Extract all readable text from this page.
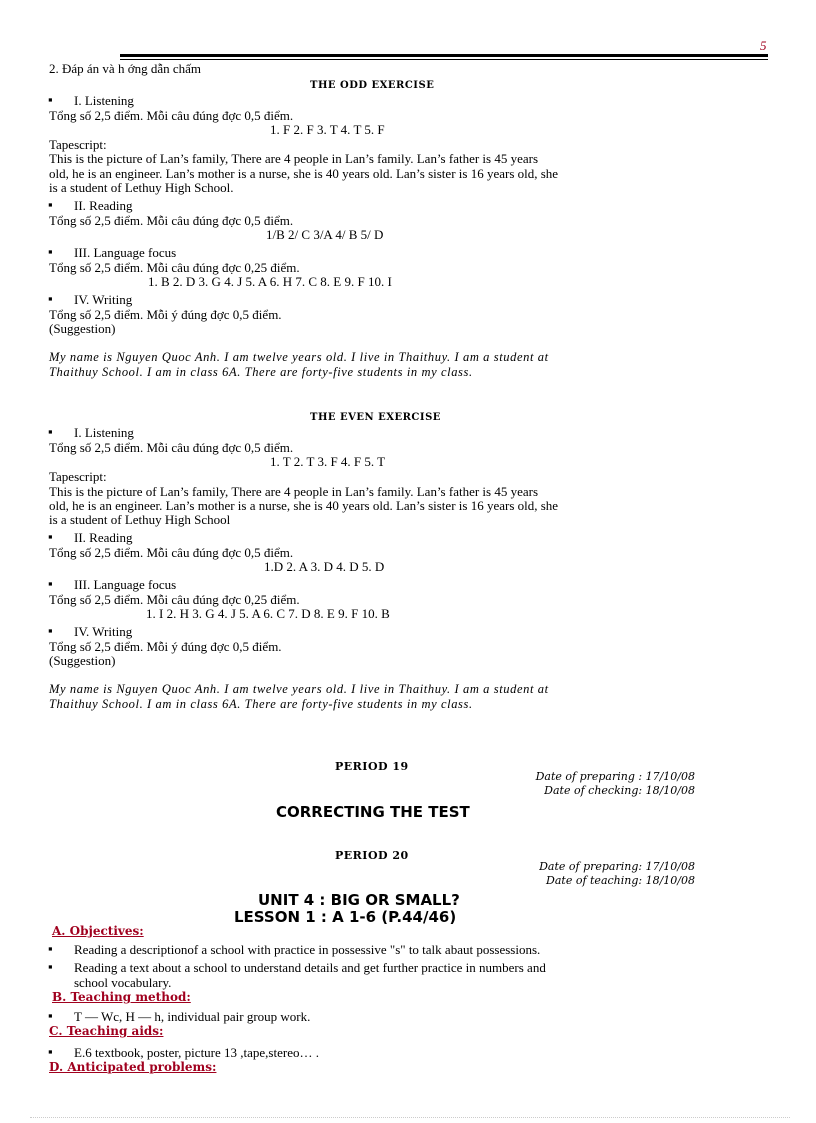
5
2. Đáp án và h ớng dẫn chấm
THE ODD EXERCISE
▪ I. Listening
Tổng số 2,5 điểm. Mỗi câu đúng đợc 0,5 điểm.
1. F 2. F 3. T 4. T 5. F
Tapescript:
This is the picture of Lan’s family, There are 4 people in Lan’s family. Lan’s father is 45 years
old, he is an engineer. Lan’s mother is a nurse, she is 40 years old. Lan’s sister is 16 years old, she
is a student of Lethuy High School.
▪ II. Reading
Tổng số 2,5 điểm. Mỗi câu đúng đợc 0,5 điểm.
1/B 2/ C 3/A 4/ B 5/ D
▪ III. Language focus
Tổng số 2,5 điểm. Mỗi câu đúng đợc 0,25 điểm.
1. B 2. D 3. G 4. J 5. A 6. H 7. C 8. E 9. F 10. I
▪ IV. Writing
Tổng số 2,5 điểm. Mỗi ý đúng đợc 0,5 điểm.
(Suggestion)
My name is Nguyen Quoc Anh. I am twelve years old. I live in Thaithuy. I am a student at
Thaithuy School. I am in class 6A. There are forty-five students in my class.
THE EVEN EXERCISE
▪ I. Listening
Tổng số 2,5 điểm. Mỗi câu đúng đợc 0,5 điểm.
1. T 2. T 3. F 4. F 5. T
Tapescript:
This is the picture of Lan’s family, There are 4 people in Lan’s family. Lan’s father is 45 years
old, he is an engineer. Lan’s mother is a nurse, she is 40 years old. Lan’s sister is 16 years old, she
is a student of Lethuy High School
▪ II. Reading
Tổng số 2,5 điểm. Mỗi câu đúng đợc 0,5 điểm.
1.D 2. A 3. D 4. D 5. D
▪ III. Language focus
Tổng số 2,5 điểm. Mỗi câu đúng đợc 0,25 điểm.
1. I 2. H 3. G 4. J 5. A 6. C 7. D 8. E 9. F 10. B
▪ IV. Writing
Tổng số 2,5 điểm. Mỗi ý đúng đợc 0,5 điểm.
(Suggestion)
My name is Nguyen Quoc Anh. I am twelve years old. I live in Thaithuy. I am a student at
Thaithuy School. I am in class 6A. There are forty-five students in my class.
PERIOD 19
Date of preparing : 17/10/08
Date of checking: 18/10/08
CORRECTING THE TEST
PERIOD 20
Date of preparing: 17/10/08
Date of teaching: 18/10/08
UNIT 4 : BIG OR SMALL?
LESSON 1 : A 1-6 (P.44/46)
A. Objectives:
▪ Reading a descriptionof a school with practice in possessive "s" to talk abaut possessions.
▪ Reading a text about a school to understand details and get further practice in numbers and
school vocabulary.
B. Teaching method:
▪ T — Wc, H — h, individual pair group work.
C. Teaching aids:
▪ E.6 textbook, poster, picture 13 ,tape,stereo… .
D. Anticipated problems:
